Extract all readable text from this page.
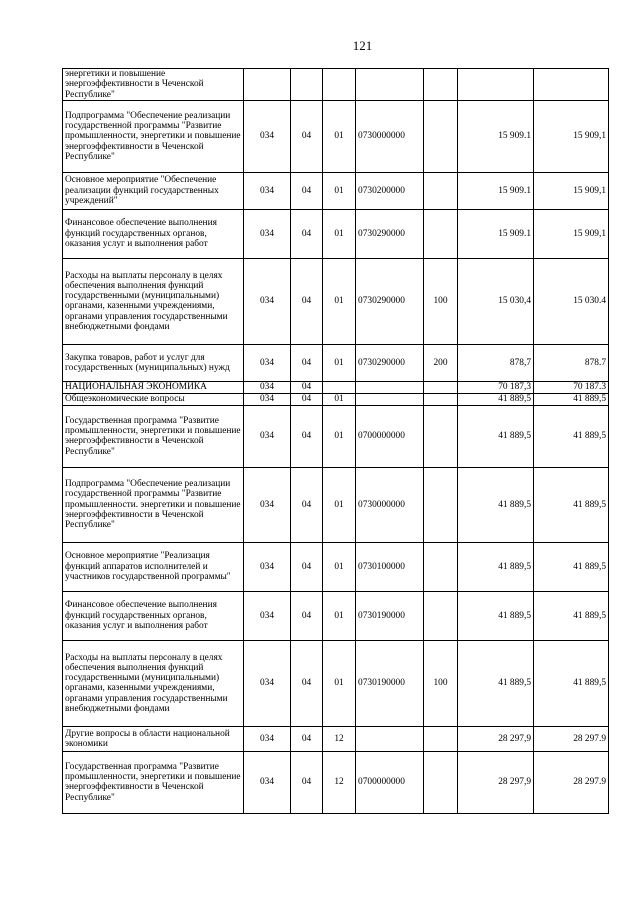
121
энергетики и повышение энергоэффективности в Чеченской Республике"							
Подпрограмма "Обеспечение реализации государственной программы "Развитие промышленности, энергетики и повышение энергоэффективности в Чеченской Республике"	034	04	01	0730000000		15 909.1	15 909,1
Основное мероприятие "Обеспечение реализации функций государственных учреждений"	034	04	01	0730200000		15 909.1	15 909,1
Финансовое обеспечение выполнения функций государственных органов, оказания услуг и выполнения работ	034	04	01	0730290000		15 909.1	15 909,1
Расходы на выплаты персоналу в целях обеспечения выполнения функций государственными (муниципальными) органами, казенными учреждениями, органами управления государственными внебюджетными фондами	034	04	01	0730290000	100	15 030,4	15 030.4
Закупка товаров, работ и услуг для государственных (муниципальных) нужд	034	04	01	0730290000	200	878,7	878.7
НАЦИОНАЛЬНАЯ ЭКОНОМИКА	034	04				70 187,3	70 187.3
Общеэкономические вопросы	034	04	01			41 889,5	41 889,5
Государственная программа "Развитие промышленности, энергетики и повышение энергоэффективности в Чеченской Республике"	034	04	01	0700000000		41 889,5	41 889,5
Подпрограмма "Обеспечение реализации государственной программы "Развитие промышленности. энергетики и повышение энергоэффективности в Чеченской Республике"	034	04	01	0730000000		41 889,5	41 889,5
Основное мероприятие "Реализация функций аппаратов исполнителей и участников государственной программы"	034	04	01	0730100000		41 889,5	41 889,5
Финансовое обеспечение выполнения функций государственных органов, оказания услуг и выполнения работ	034	04	01	0730190000		41 889,5	41 889,5
Расходы на выплаты персоналу в целях обеспечения выполнения функций государственными (муниципальными) органами, казенными учреждениями, органами управления государственными внебюджетными фондами	034	04	01	0730190000	100	41 889,5	41 889,5
Другие вопросы в области национальной экономики	034	04	12			28 297,9	28 297.9
Государственная программа "Развитие промышленности, энергетики и повышение энергоэффективности в Чеченской Республике"	034	04	12	0700000000		28 297,9	28 297.9
